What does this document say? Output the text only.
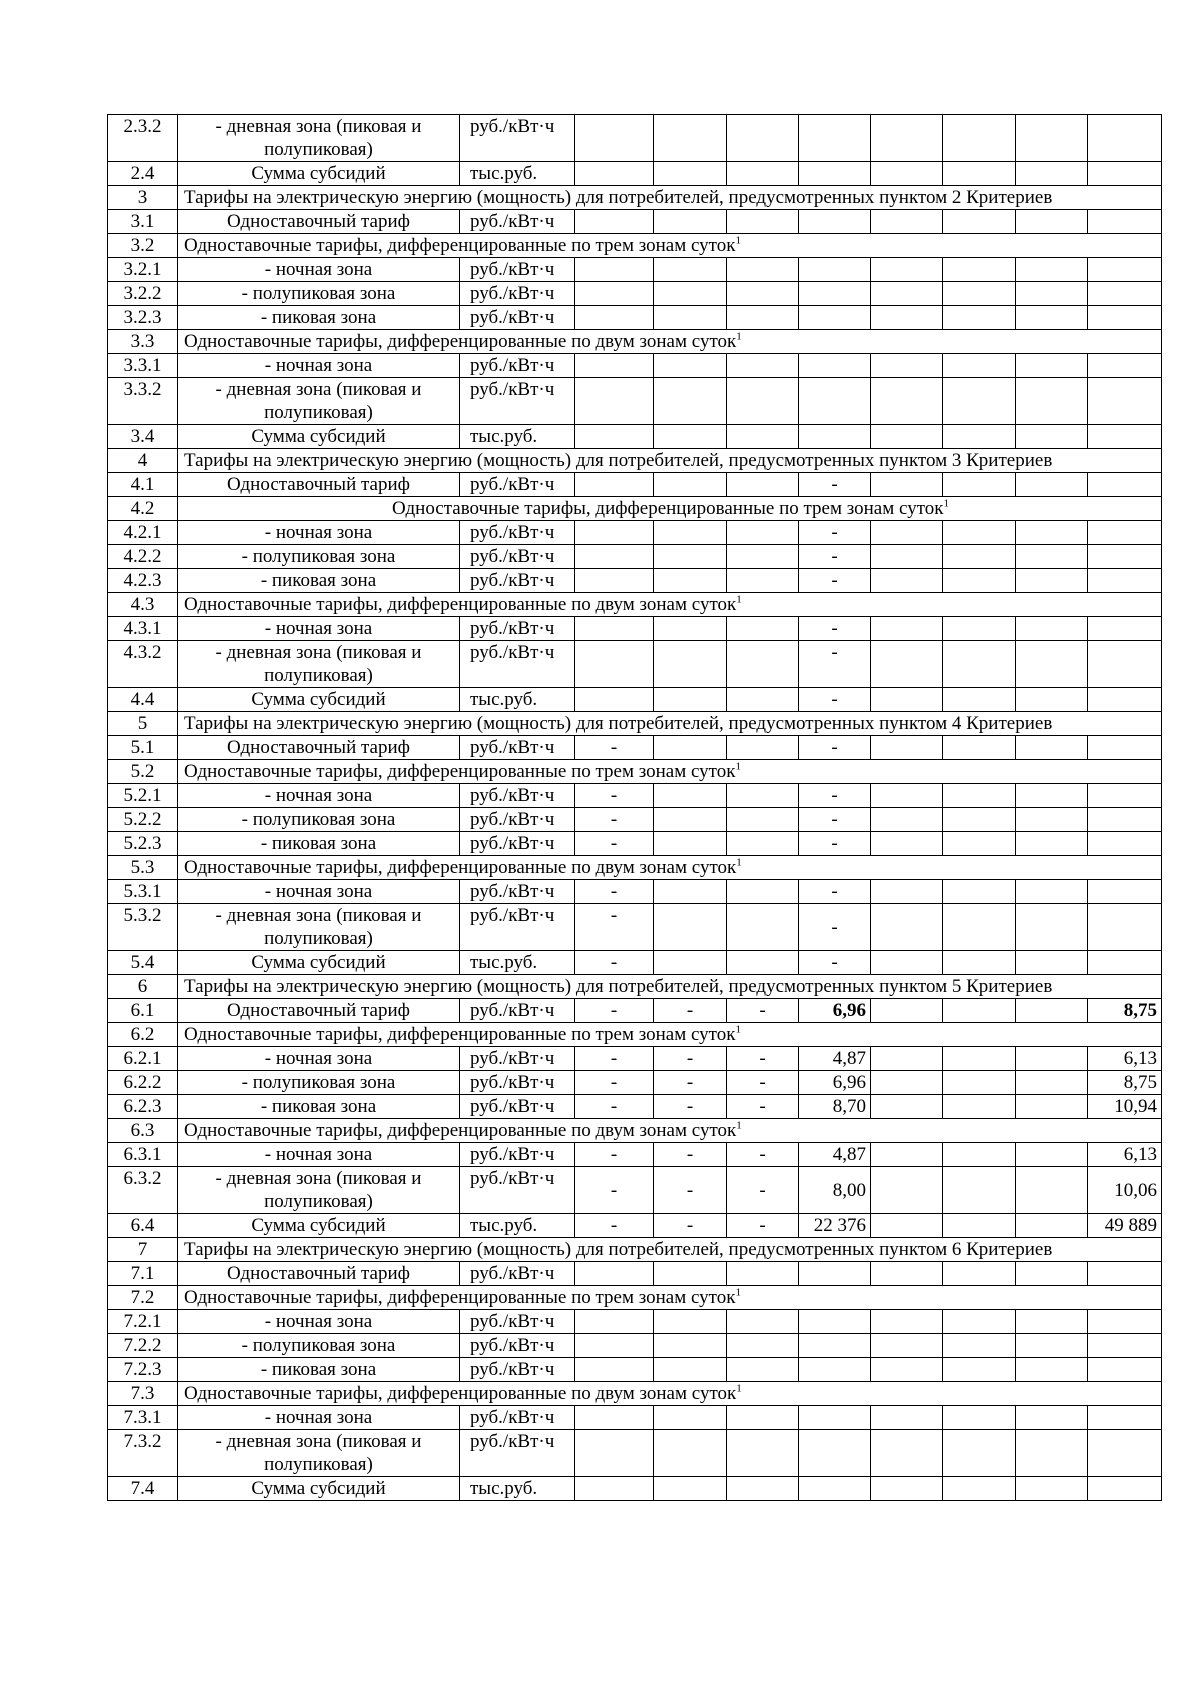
2.3.2	- дневная зона (пиковая и полупиковая)	руб./кВт·ч								
2.4	Сумма субсидий	тыс.руб.								
3	Тарифы на электрическую энергию (мощность) для потребителей, предусмотренных пунктом 2 Критериев									
3.1	Одноставочный тариф	руб./кВт·ч								
3.2	Одноставочные тарифы, дифференцированные по трем зонам суток$^1$
3.2.1	- ночная зона	руб./кВт·ч								
3.2.2	- полупиковая зона	руб./кВт·ч								
3.2.3	- пиковая зона	руб./кВт·ч								
3.3	Одноставочные тарифы, дифференцированные по двум зонам суток$^1$
3.3.1	- ночная зона	руб./кВт·ч								
3.3.2	- дневная зона (пиковая и полупиковая)	руб./кВт·ч								
3.4	Сумма субсидий	тыс.руб.								
4	Тарифы на электрическую энергию (мощность) для потребителей, предусмотренных пунктом 3 Критериев									
4.1	Одноставочный тариф	руб./кВт·ч				-				
4.2	Одноставочные тарифы, дифференцированные по трем зонам суток$^1$
4.2.1	- ночная зона	руб./кВт·ч				-				
4.2.2	- полупиковая зона	руб./кВт·ч				-				
4.2.3	- пиковая зона	руб./кВт·ч				-				
4.3	Одноставочные тарифы, дифференцированные по двум зонам суток$^1$
4.3.1	- ночная зона	руб./кВт·ч				-				
4.3.2	- дневная зона (пиковая и полупиковая)	руб./кВт·ч				-				
4.4	Сумма субсидий	тыс.руб.				-				
5	Тарифы на электрическую энергию (мощность) для потребителей, предусмотренных пунктом 4 Критериев									
5.1	Одноставочный тариф	руб./кВт·ч	-			-				
5.2	Одноставочные тарифы, дифференцированные по трем зонам суток$^1$
5.2.1	- ночная зона	руб./кВт·ч	-			-				
5.2.2	- полупиковая зона	руб./кВт·ч	-			-				
5.2.3	- пиковая зона	руб./кВт·ч	-			-				
5.3	Одноставочные тарифы, дифференцированные по двум зонам суток$^1$
5.3.1	- ночная зона	руб./кВт·ч	-			-				
5.3.2	- дневная зона (пиковая и полупиковая)	руб./кВт·ч	-			-				
5.4	Сумма субсидий	тыс.руб.	-			-				
6	Тарифы на электрическую энергию (мощность) для потребителей, предусмотренных пунктом 5 Критериев									
6.1	Одноставочный тариф	руб./кВт·ч	-	-	-	6,96				8,75
6.2	Одноставочные тарифы, дифференцированные по трем зонам суток$^1$
6.2.1	- ночная зона	руб./кВт·ч	-	-	-	4,87				6,13
6.2.2	- полупиковая зона	руб./кВт·ч	-	-	-	6,96				8,75
6.2.3	- пиковая зона	руб./кВт·ч	-	-	-	8,70				10,94
6.3	Одноставочные тарифы, дифференцированные по двум зонам суток$^1$
6.3.1	- ночная зона	руб./кВт·ч	-	-	-	4,87				6,13
6.3.2	- дневная зона (пиковая и полупиковая)	руб./кВт·ч	-	-	-	8,00				10,06
6.4	Сумма субсидий	тыс.руб.	-	-	-	22 376				49 889
7	Тарифы на электрическую энергию (мощность) для потребителей, предусмотренных пунктом 6 Критериев									
7.1	Одноставочный тариф	руб./кВт·ч								
7.2	Одноставочные тарифы, дифференцированные по трем зонам суток$^1$
7.2.1	- ночная зона	руб./кВт·ч								
7.2.2	- полупиковая зона	руб./кВт·ч								
7.2.3	- пиковая зона	руб./кВт·ч								
7.3	Одноставочные тарифы, дифференцированные по двум зонам суток$^1$
7.3.1	- ночная зона	руб./кВт·ч								
7.3.2	- дневная зона (пиковая и полупиковая)	руб./кВт·ч								
7.4	Сумма субсидий	тыс.руб.								
